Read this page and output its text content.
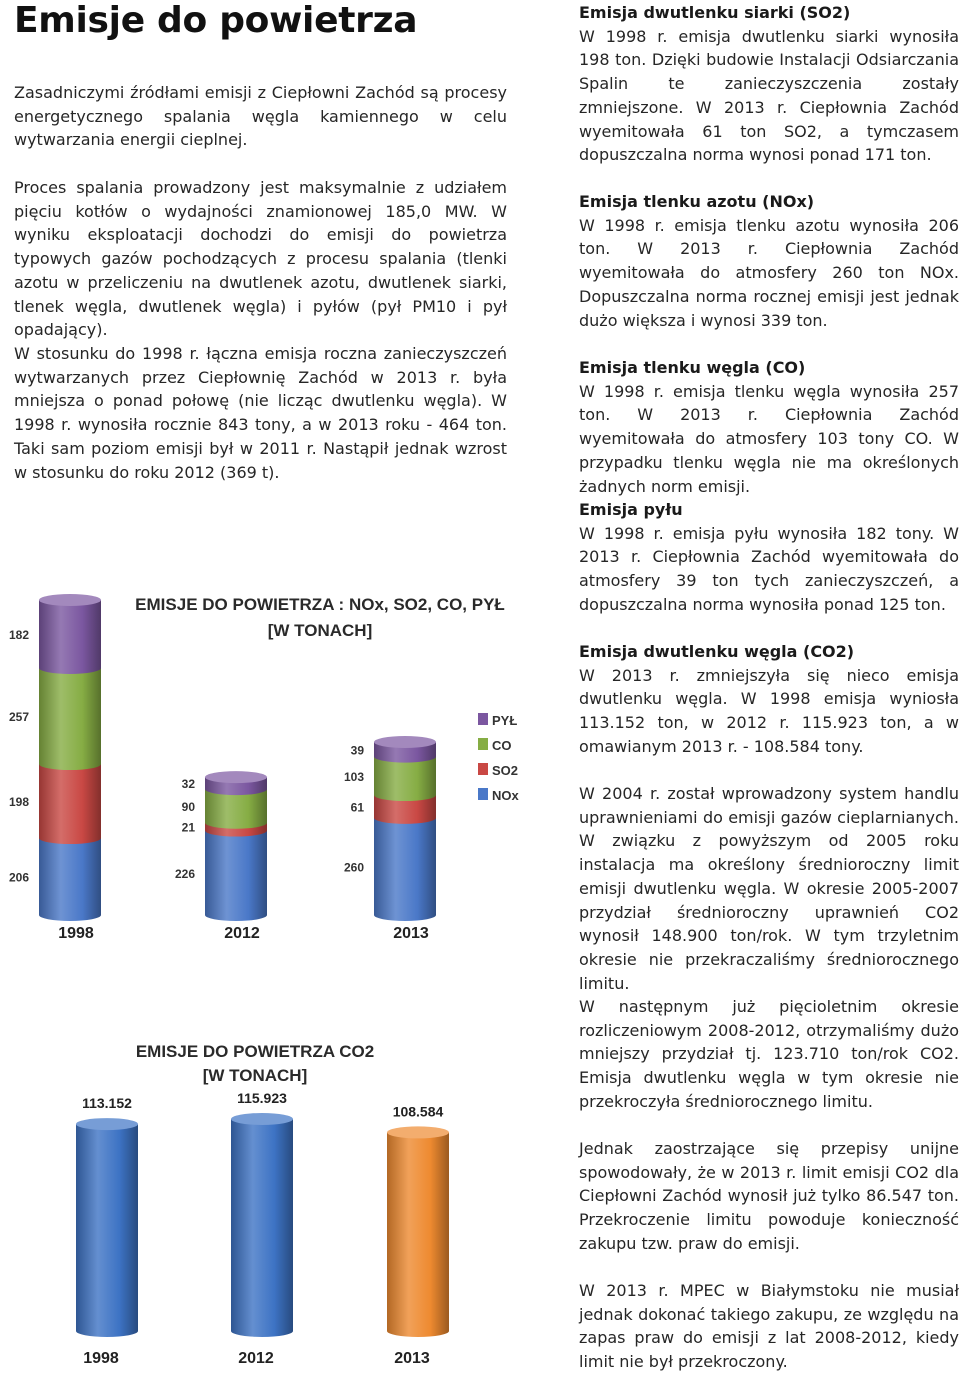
Emisje do powietrza

Zasadniczymi źródłami emisji z Ciepłowni Zachód są procesy energetycznego spalania węgla kamiennego w celu wytwarzania energii cieplnej.

Proces spalania prowadzony jest maksymalnie z udziałem pięciu kotłów o wydajności znamionowej 185,0 MW. W wyniku eksploatacji dochodzi do emisji do powietrza typowych gazów pochodzących z procesu spalania (tlenki azotu w przeliczeniu na dwutlenek azotu, dwutlenek siarki, tlenek węgla, dwutlenek węgla) i pyłów (pył PM10 i pył opadający).

W stosunku do 1998 r. łączna emisja roczna zanieczyszczeń wytwarzanych przez Ciepłownię Zachód w 2013 r. była mniejsza o ponad połowę (nie licząc dwutlenku węgla). W 1998 r. wynosiła rocznie 843 tony, a w 2013 roku - 464 ton. Taki sam poziom emisji był w 2011 r. Nastąpił jednak wzrost w stosunku do roku 2012 (369 t).

Emisja dwutlenku siarki (SO2)
W 1998 r. emisja dwutlenku siarki wynosiła 198 ton. Dzięki budowie Instalacji Odsiarczania Spalin te zanieczyszczenia zostały zmniejszone. W 2013 r. Ciepłownia Zachód wyemitowała 61 ton SO2, a tymczasem dopuszczalna norma wynosi ponad 171 ton.
Emisja tlenku azotu (NOx)
W 1998 r. emisja tlenku azotu wynosiła 206 ton. W 2013 r. Ciepłownia Zachód wyemitowała do atmosfery 260 ton NOx. Dopuszczalna norma rocznej emisji jest jednak dużo większa i wynosi 339 ton.
Emisja tlenku węgla (CO)
W 1998 r. emisja tlenku węgla wynosiła 257 ton. W 2013 r. Ciepłownia Zachód wyemitowała do atmosfery 103 tony CO. W przypadku tlenku węgla nie ma określonych żadnych norm emisji.
Emisja pyłu
W 1998 r. emisja pyłu wynosiła 182 tony. W 2013 r. Ciepłownia Zachód wyemitowała do atmosfery 39 ton tych zanieczyszczeń, a dopuszczalna norma wynosiła ponad 125 ton.
Emisja dwutlenku węgla (CO2)
W 2013 r. zmniejszyła się nieco emisja dwutlenku węgla. W 1998 emisja wyniosła 113.152 ton, w 2012 r. 115.923 ton, a w omawianym 2013 r. - 108.584 tony.

W 2004 r. został wprowadzony system handlu uprawnieniami do emisji gazów cieplarnianych. W związku z powyższym od 2005 roku instalacja ma określony średnioroczny limit emisji dwutlenku węgla. W okresie 2005-2007 przydział średnioroczny uprawnień CO2 wynosił 148.900 ton/rok. W tym trzyletnim okresie nie przekraczaliśmy średniorocznego limitu.

W następnym już pięcioletnim okresie rozliczeniowym 2008-2012, otrzymaliśmy dużo mniejszy przydział tj. 123.710 ton/rok CO2. Emisja dwutlenku węgla w tym okresie nie przekroczyła średniorocznego limitu.

Jednak zaostrzające się przepisy unijne spowodowały, że w 2013 r. limit emisji CO2 dla Ciepłowni Zachód wynosił już tylko 86.547 ton. Przekroczenie limitu powoduje konieczność zakupu tzw. praw do emisji.

W 2013 r. MPEC w Białymstoku nie musiał jednak dokonać takiego zakupu, ze względu na zapas praw do emisji z lat 2008-2012, kiedy limit nie był przekroczony.

EMISJE DO POWIETRZA : NOx, SO2, CO, PYŁ
[W TONACH]
206
198
257
182
1998
226
21
90
32
2012
260
61
103
39
2013
PYŁ
CO
SO2
NOx
EMISJE DO POWIETRZA CO2
[W TONACH]
113.152
1998
115.923
2012
108.584
2013
